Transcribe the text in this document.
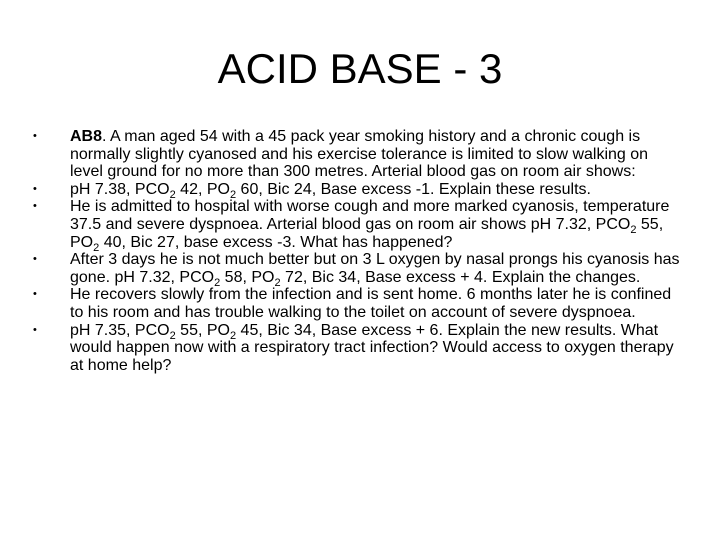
ACID BASE - 3
• AB8. A man aged 54 with a 45 pack year smoking history and a chronic cough is normally slightly cyanosed and his exercise tolerance is limited to slow walking on level ground for no more than 300 metres. Arterial blood gas on room air shows:
• pH 7.38, $PCO_2$ 42, $PO_2$ 60, Bic 24, Base excess -1. Explain these results.
• He is admitted to hospital with worse cough and more marked cyanosis, temperature 37.5 and severe dyspnoea. Arterial blood gas on room air shows pH 7.32, $PCO_2$ 55, $PO_2$ 40, Bic 27, base excess -3. What has happened?
• After 3 days he is not much better but on 3 L oxygen by nasal prongs his cyanosis has gone. pH 7.32, $PCO_2$ 58, $PO_2$ 72, Bic 34, Base excess + 4. Explain the changes.
• He recovers slowly from the infection and is sent home. 6 months later he is confined to his room and has trouble walking to the toilet on account of severe dyspnoea.
• pH 7.35, $PCO_2$ 55, $PO_2$ 45, Bic 34, Base excess + 6. Explain the new results. What would happen now with a respiratory tract infection? Would access to oxygen therapy at home help?
